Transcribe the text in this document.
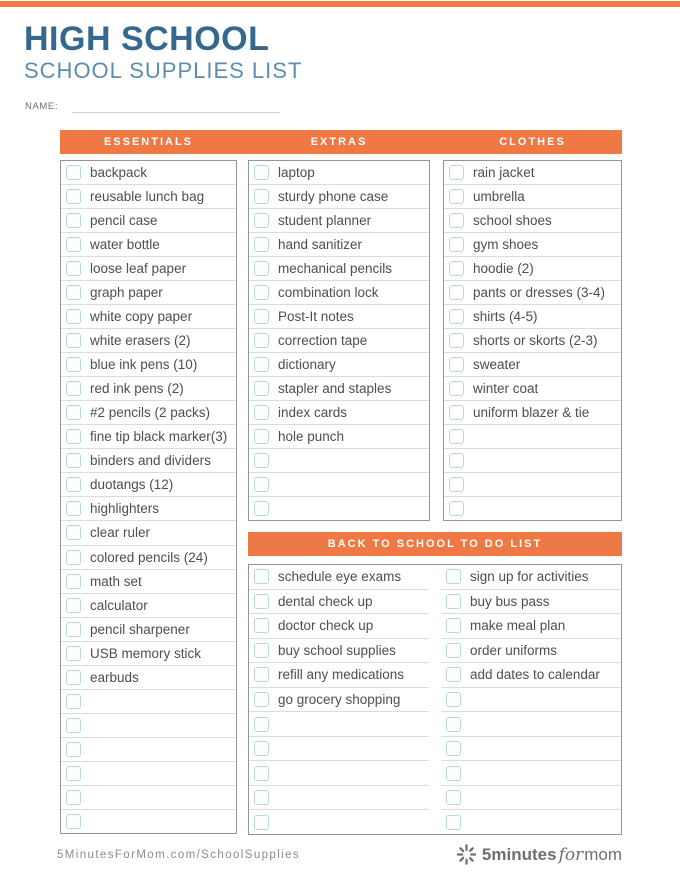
HIGH SCHOOL
SCHOOL SUPPLIES LIST
NAME:
ESSENTIALS	EXTRAS	CLOTHES
backpack
reusable lunch bag
pencil case
water bottle
loose leaf paper
graph paper
white copy paper
white erasers (2)
blue ink pens (10)
red ink pens (2)
#2 pencils (2 packs)
fine tip black marker(3)
binders and dividers
duotangs (12)
highlighters
clear ruler
colored pencils (24)
math set
calculator
pencil sharpener
USB memory stick
earbuds
laptop
sturdy phone case
student planner
hand sanitizer
mechanical pencils
combination lock
Post-It notes
correction tape
dictionary
stapler and staples
index cards
hole punch
rain jacket
umbrella
school shoes
gym shoes
hoodie (2)
pants or dresses (3-4)
shirts (4-5)
shorts or skorts (2-3)
sweater
winter coat
uniform blazer & tie
BACK TO SCHOOL TO DO LIST
schedule eye exams
dental check up
doctor check up
buy school supplies
refill any medications
go grocery shopping
sign up for activities
buy bus pass
make meal plan
order uniforms
add dates to calendar
5MinutesForMom.com/SchoolSupplies	5minutes for mom
